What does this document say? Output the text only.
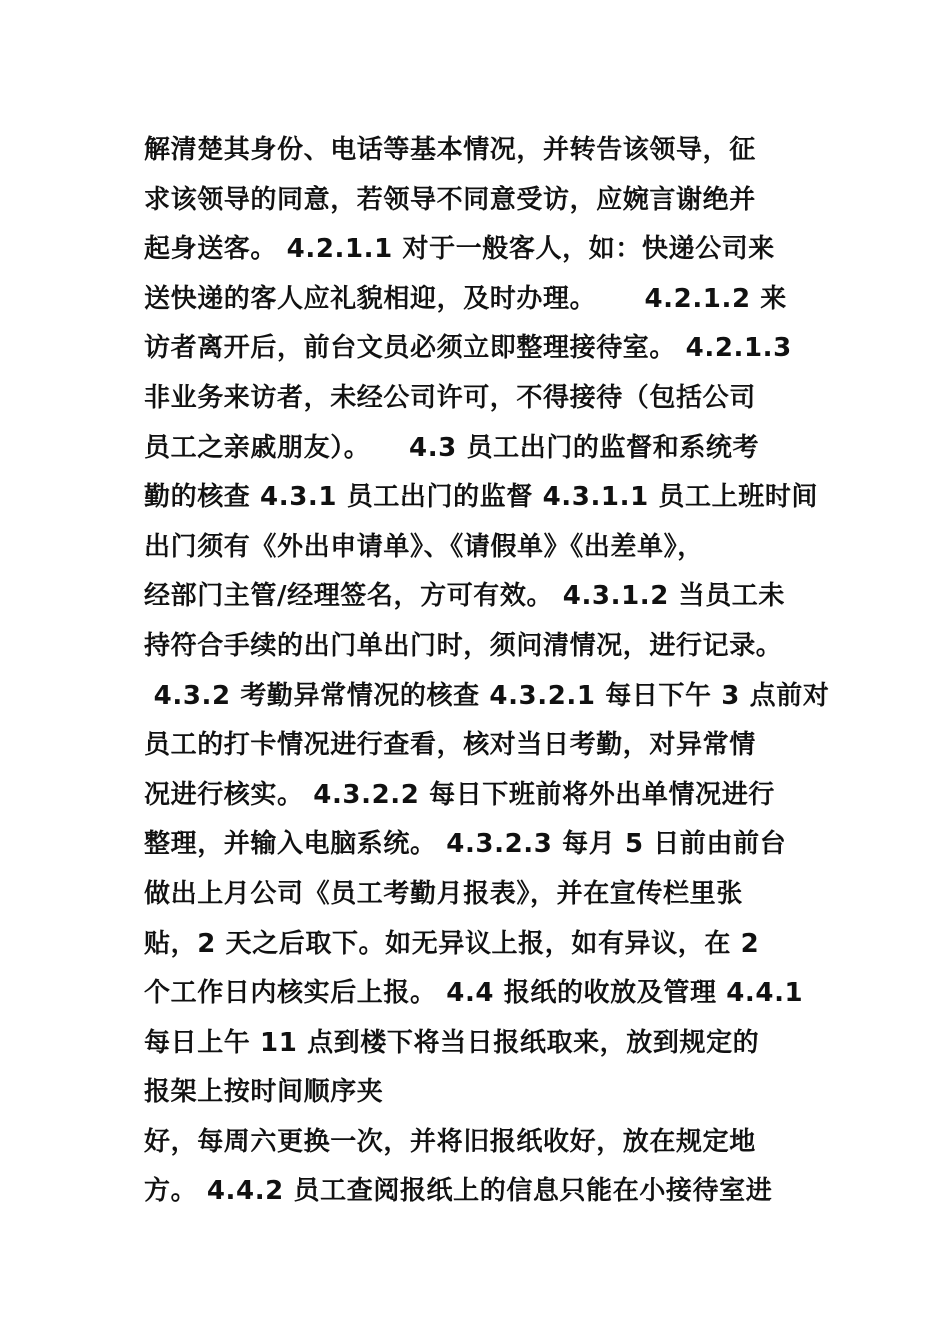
解清楚其身份、电话等基本情况，并转告该领导，征
求该领导的同意，若领导不同意受访，应婉言谢绝并
起身送客。 4.2.1.1 对于一般客人，如：快递公司来
送快递的客人应礼貌相迎，及时办理。     4.2.1.2 来
访者离开后，前台文员必须立即整理接待室。 4.2.1.3
非业务来访者，未经公司许可，不得接待（包括公司
员工之亲戚朋友）。    4.3 员工出门的监督和系统考
勤的核查 4.3.1 员工出门的监督 4.3.1.1 员工上班时间
出门须有《外出申请单》、《请假单》《出差单》，
经部门主管/经理签名，方可有效。 4.3.1.2 当员工未
持符合手续的出门单出门时，须问清情况，进行记录。
4.3.2 考勤异常情况的核查 4.3.2.1 每日下午 3 点前对
员工的打卡情况进行查看，核对当日考勤，对异常情
况进行核实。 4.3.2.2 每日下班前将外出单情况进行
整理，并输入电脑系统。 4.3.2.3 每月 5 日前由前台
做出上月公司《员工考勤月报表》，并在宣传栏里张
贴，2 天之后取下。如无异议上报，如有异议，在 2
个工作日内核实后上报。 4.4 报纸的收放及管理 4.4.1
每日上午 11 点到楼下将当日报纸取来，放到规定的
报架上按时间顺序夹
好，每周六更换一次，并将旧报纸收好，放在规定地
方。 4.4.2 员工查阅报纸上的信息只能在小接待室进
